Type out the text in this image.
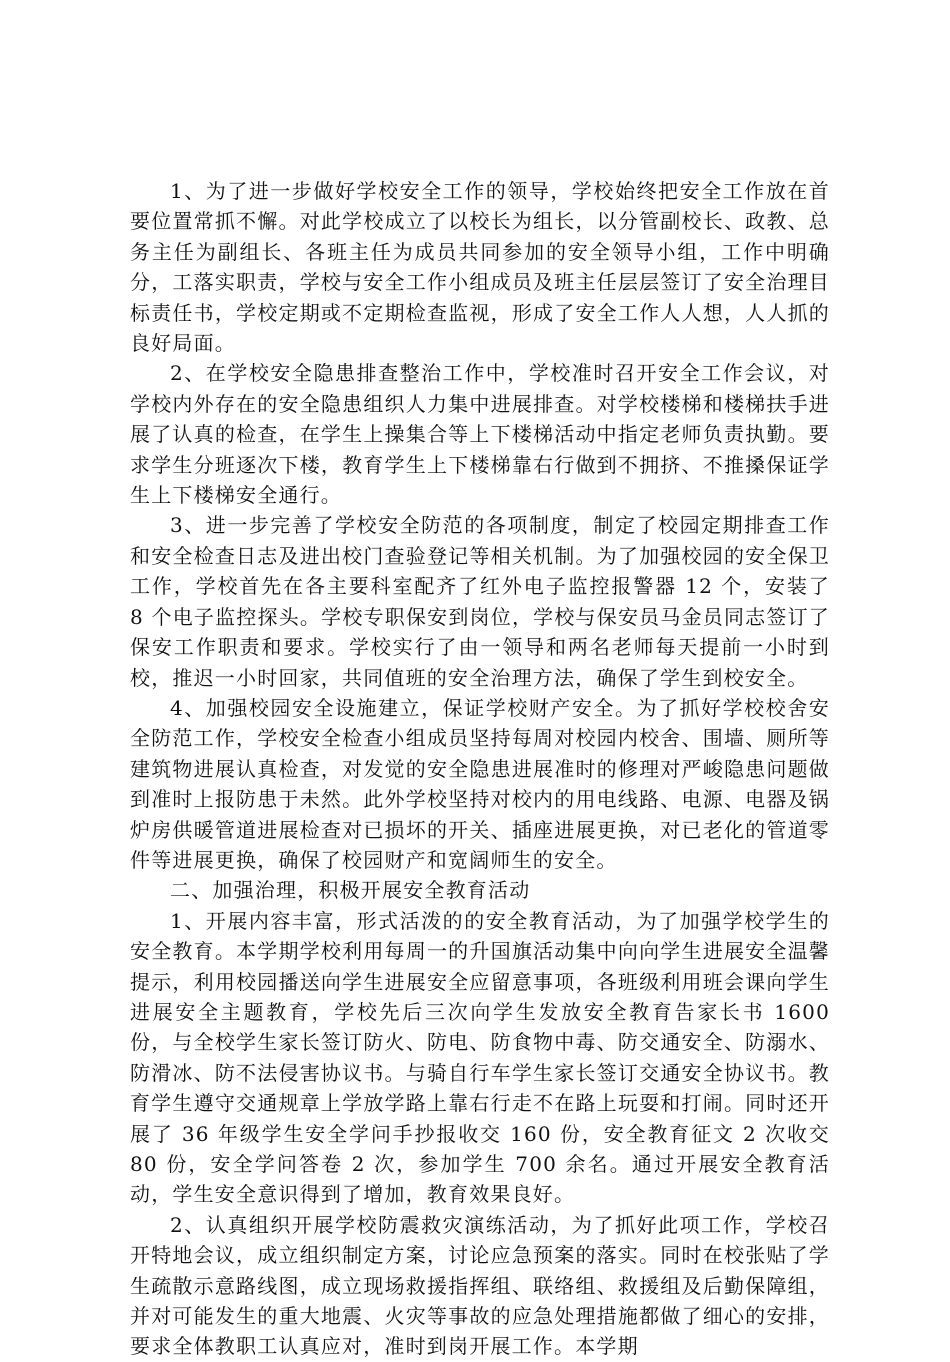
1、为了进一步做好学校安全工作的领导，学校始终把安全工作放在首要位置常抓不懈。对此学校成立了以校长为组长，以分管副校长、政教、总务主任为副组长、各班主任为成员共同参加的安全领导小组，工作中明确分，工落实职责，学校与安全工作小组成员及班主任层层签订了安全治理目标责任书，学校定期或不定期检查监视，形成了安全工作人人想，人人抓的良好局面。

2、在学校安全隐患排查整治工作中，学校准时召开安全工作会议，对学校内外存在的安全隐患组织人力集中进展排查。对学校楼梯和楼梯扶手进展了认真的检查，在学生上操集合等上下楼梯活动中指定老师负责执勤。要求学生分班逐次下楼，教育学生上下楼梯靠右行做到不拥挤、不推搡保证学生上下楼梯安全通行。

3、进一步完善了学校安全防范的各项制度，制定了校园定期排查工作和安全检查日志及进出校门查验登记等相关机制。为了加强校园的安全保卫工作，学校首先在各主要科室配齐了红外电子监控报警器 12 个，安装了 8 个电子监控探头。学校专职保安到岗位，学校与保安员马金员同志签订了保安工作职责和要求。学校实行了由一领导和两名老师每天提前一小时到校，推迟一小时回家，共同值班的安全治理方法，确保了学生到校安全。

4、加强校园安全设施建立，保证学校财产安全。为了抓好学校校舍安全防范工作，学校安全检查小组成员坚持每周对校园内校舍、围墙、厕所等建筑物进展认真检查，对发觉的安全隐患进展准时的修理对严峻隐患问题做到准时上报防患于未然。此外学校坚持对校内的用电线路、电源、电器及锅炉房供暖管道进展检查对已损坏的开关、插座进展更换，对已老化的管道零件等进展更换，确保了校园财产和宽阔师生的安全。

二、加强治理，积极开展安全教育活动

1、开展内容丰富，形式活泼的的安全教育活动，为了加强学校学生的安全教育。本学期学校利用每周一的升国旗活动集中向向学生进展安全温馨提示，利用校园播送向学生进展安全应留意事项，各班级利用班会课向学生进展安全主题教育，学校先后三次向学生发放安全教育告家长书 1600 份，与全校学生家长签订防火、防电、防食物中毒、防交通安全、防溺水、防滑冰、防不法侵害协议书。与骑自行车学生家长签订交通安全协议书。教育学生遵守交通规章上学放学路上靠右行走不在路上玩耍和打闹。同时还开展了 36 年级学生安全学问手抄报收交 160 份，安全教育征文 2 次收交 80 份，安全学问答卷 2 次，参加学生 700 余名。通过开展安全教育活动，学生安全意识得到了增加，教育效果良好。

2、认真组织开展学校防震救灾演练活动，为了抓好此项工作，学校召开特地会议，成立组织制定方案，讨论应急预案的落实。同时在校张贴了学生疏散示意路线图，成立现场救援指挥组、联络组、救援组及后勤保障组，并对可能发生的重大地震、火灾等事故的应急处理措施都做了细心的安排，要求全体教职工认真应对，准时到岗开展工作。本学期
